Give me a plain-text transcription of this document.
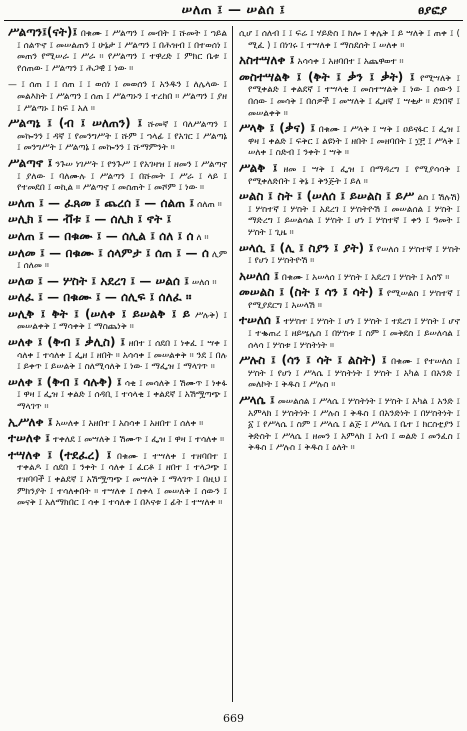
ሠለጠ ፤ — ሠልሰ ፤	ፀያፎያ

ሥልጣን፤(ናት)፤ በቁሙ ፤ ሥልጣን ፤ መብት ፤ ሹመት ፤ ኀይል ፤ ሰልጥኖ ፤ መሠልጠን ፤ ሁኔታ ፤ ሥልጣን ፤ በሕዝብ ፤ በተወሰነ ፤ መጠን የሚሠራ ፤ ሥራ ። የሥልጣን ፤ ተዋረድ ፤ ምክር ቤቱ ፤ የሰጠው ፤ ሥልጣን ፤ ሕጋዊ ፤ ነው ።

— ፤ ሰጠ ፤ ፤ ሰጠ ፤ ፤ ወሰነ ፤ መወሰን ፤ አንዱን ፤ ለሌላው ፤ መልእክት ፤ ሥልጣን ፤ ሰጠ ፤ ሥልጣኑን ፤ ተረከበ ። ሥልጣን ፤ ያዘ ፤ ሥልጣኑ ፤ ከፍ ፤ አለ ።

ሥልጣኔ ፤ (ብ ፤ ሠለጠን) ፤ ሹመኛ ፤ ባለሥልጣን ፤ መኰንን ፤ ዳኛ ፤ የመንግሥት ፤ ሹም ፤ ኀላፊ ፤ የአገር ፤ ሥልጣኔ ፤ መንግሥት ፤ ሥልጣኔ ፤ መኰንን ፤ ሹማምንት ።

ሥልጣኖ ፤ ንጉሠ ነገሥት ፤ የንጉሥ ፤ የአገዛዝ ፤ ዘመን ፤ ሥልጣኖ ፤ ያለው ፤ ባለሙሉ ፤ ሥልጣን ፤ በሹመት ፤ ሥራ ፤ ላይ ፤ የተመደበ ፤ ወኪል ። ሥልጣኖ ፤ መስጠት ፤ መሾም ፤ ነው ።

ሠለጠ ፤ — ፈጸመ ፤ ጨረሰ ፤ — ሰልጠ ፤ ሰለጠ ።

ሠሊክ ፤ — ቭቱ ፤ — ሰሊክ ፤ ኖት ፤

ሠለጠ ፤ — በቁሙ ፤ — ሰሊል ፤ ሰለ ፤ ሰ ለ ።

ሠለመ ፤ — በቁሙ ፤ ሰላምታ ፤ ሰጠ ፤ — ሰ ሊም ፤ ሰለመ ።

ሠለወ ፤ — ሦስት ፤ አደረገ ፤ — ሠልሰ ፤ ሠለሰ ።

ሠለፈ ፤ — በቁሙ ፤ — ሰሊፍ ፤ ሰለፈ ።

ሠሊቅ ፤ ቅት ፤ (ሠለቀ ፤ ይሠልቅ ፤ ይ ሥሉቅ) ፤ መሠልቀቅ ፤ ማሳቀቅ ፤ ማስጨነቅ ።

ሠለቀ ፤ (ቅብ ፤ ቃሊስ) ፤ ዘበተ ፤ ሰደበ ፤ ነቀፈ ፤ ሣቀ ፤ ሳለቀ ፤ ተሳለቀ ፤ ፌዘ ፤ ዘበት ። አሳሳቀ ፤ መሠልቀቅ ። ንደ ፤ በሉ ፤ ይቀጥ ፤ ይሠልቅ ፤ ስለሚሳለቅ ፤ ነው ፤ ማፌዝ ፤ ማላገጥ ።

ሠለቀ ፤ (ቅብ ፤ ሳሉቅ) ፤ ሳቂ ፤ መሳለቅ ፤ ሽሙጥ ፤ ነቀፋ ፤ ዋዛ ፤ ፌዝ ፤ ቀልድ ፤ ሰዳቢ ፤ ተሳላቂ ፤ ቀልደኛ ፤ አሽሟጣጭ ፤ ማላገጥ ።

ኢሥለቀ ፤ አሠለቀ ፤ አዘበተ ፤ አስሳቀ ፤ አዘበተ ፤ ሰለቀ ።

ተሠለቀ ፤ ተቀለደ ፤ መሣለቅ ፤ ሽሙጥ ፤ ፌዝ ፤ ዋዛ ፤ ተሳለቀ ።

ተሣለቀ ፤ (ተደፈረ) ፤ በቁሙ ፤ ተሣለቀ ፤ ተዘባበተ ፤ ተቀልዶ ፤ ሰደበ ፤ ንቀት ፤ ሳለቀ ፤ ፈርቶ ፤ ዘበተ ፤ ተላጋጭ ፤ ተዘባባች ፤ ቀልደኛ ፤ አሽሟጣጭ ፤ መሣለቅ ፤ ማላገጥ ፤ በዚህ ፤ ምክንያት ፤ ተሳለቀበት ። ተሣለቀ ፤ ስቀላ ፤ መሠለቅ ፤ ሰውን ፤ መናቅ ፤ አለማክበር ፤ ሳቀ ፤ ተሳለቀ ፤ በእናቱ ፤ ፊት ፤ ተሣለቀ ።

ሲሆ ፤ ሰለብ ፤ ፤ ፍሬ ፤ ሃይድስ ፤ ክሎ ፤ ቀሌቅ ፤ ይ ሣለቅ ፤ ጠቀ ፤ ( ሚፈ ) ፤ በነገሩ ፤ ተሣለቀ ፤ ማስደሰት ፤ ሠለቀ ።

አስተሣለቀ ፤ አሳሳቀ ፤ አዘባበተ ፤ አጨዋወተ ።

መስተሣልቅ ፤ (ቅት ፤ ቃን ፤ ቃት) ፤ የሚሣለቅ ፤ የሚቀልድ ፤ ቀልደኛ ፤ ተሣላቂ ፤ መስተሣልቅ ፤ ነው ፤ ሰውን ፤ በሰው ፤ መሳቅ ፤ በሰዎች ፤ መሣለቅ ፤ ፌዘኛ ፤ ሣቂታ ። ደንበኛ ፤ መሠልቀቅ ።

ሥላቅ ፤ (ቃና) ፤ በቁሙ ፤ ሥላቅ ፤ ሣቅ ፤ ዐይናፋር ፤ ፌዝ ፤ ዋዛ ፤ ቀልድ ፤ ፍቅር ፤ ልዩነት ፤ ዘበት ፤ መዘባበት ፤ ፲፫ ፤ ሥላቅ ፤ ሠለቀ ፤ ስድብ ፤ ንቀት ፤ ሣቅ ።

ሥልቅ ፤ ዘመ ፤ ሣቅ ፤ ፌዝ ፤ በማዳረግ ፤ የሚያሳሳቅ ፤ የሚቀለድበት ፤ ቅኔ ፤ ቅንጅት ፤ ይለ ።

ሠልስ ፤ ስት ፤ (ሠለሰ ፤ ይሠልስ ፤ ይሥ ልስ ፤ ሽሉሽ) ፤ ሦስተኛ ፤ ሦስት ፤ አደረገ ፤ ሦስትዮሽ ፤ መሠልሰል ፤ ሦስት ፤ ማድረግ ፤ ይሠልሳል ፤ ሦስት ፤ ሆነ ፤ ሦስተኛ ፤ ቀን ፤ ዓመት ፤ ሦስት ፤ ጊዜ ።

ሠላሲ ፤ (ሊ ፤ ስያን ፤ ያት) ፤ የሠለሰ ፤ ሦስተኛ ፤ ሦስት ፤ የሆነ ፤ ሦስትዮሽ ።

አሠለሰ ፤ በቁሙ ፤ አሠላሰ ፤ ሦስት ፤ አደረገ ፤ ሦስት ፤ አሰኘ ።

መሠልስ ፤ (ስት ፤ ሳን ፤ ሳት) ፤ የሚሠልስ ፤ ሦስተኛ ፤ የሚያደርግ ፤ አሠላሽ ።

ተሠለሰ ፤ ተሦስተ ፤ ሦስት ፤ ሆነ ፤ ሦስት ፤ ተደረገ ፤ ሦስት ፤ ሆኖ ፤ ተቈጠረ ፤ ዘይሤሌስ ፤ በሦስቱ ፤ ስም ፤ መቅደስ ፤ ይሠለሳል ፤ ሰላሳ ፤ ሦስቱ ፤ ሦስትነት ።

ሥሉስ ፤ (ሳን ፤ ሳት ፤ ልስት) ፤ በቁሙ ፤ የተሠለሰ ፤ ሦስት ፤ የሆነ ፤ ሥላሴ ፤ ሦስትነት ፤ ሦስት ፤ አካል ፤ በአንድ ፤ መለኮት ፤ ቅዱስ ፤ ሥሉስ ።

ሥላሴ ፤ መሠልሰል ፤ ሥላሴ ፤ ሦስትነት ፤ ሦስት ፤ አካል ፤ አንድ ፤ አምላክ ፤ ሦስትነት ፤ ሥሉስ ፤ ቅዱስ ፤ በአንድነት ፤ በሦስትነት ፤ ፩ ፤ የሥላሴ ፤ ስም ፤ ሥላሴ ፤ ልጅ ፤ ሥላሴ ፤ ቤተ ፤ ክርስቲያን ፤ ቅድስት ፤ ሥላሴ ፤ ዘመን ፤ አምላክ ፤ አብ ፤ ወልድ ፤ መንፈስ ፤ ቅዱስ ፤ ሥሉስ ፤ ቅዱስ ፤ ዕለት ።

669
